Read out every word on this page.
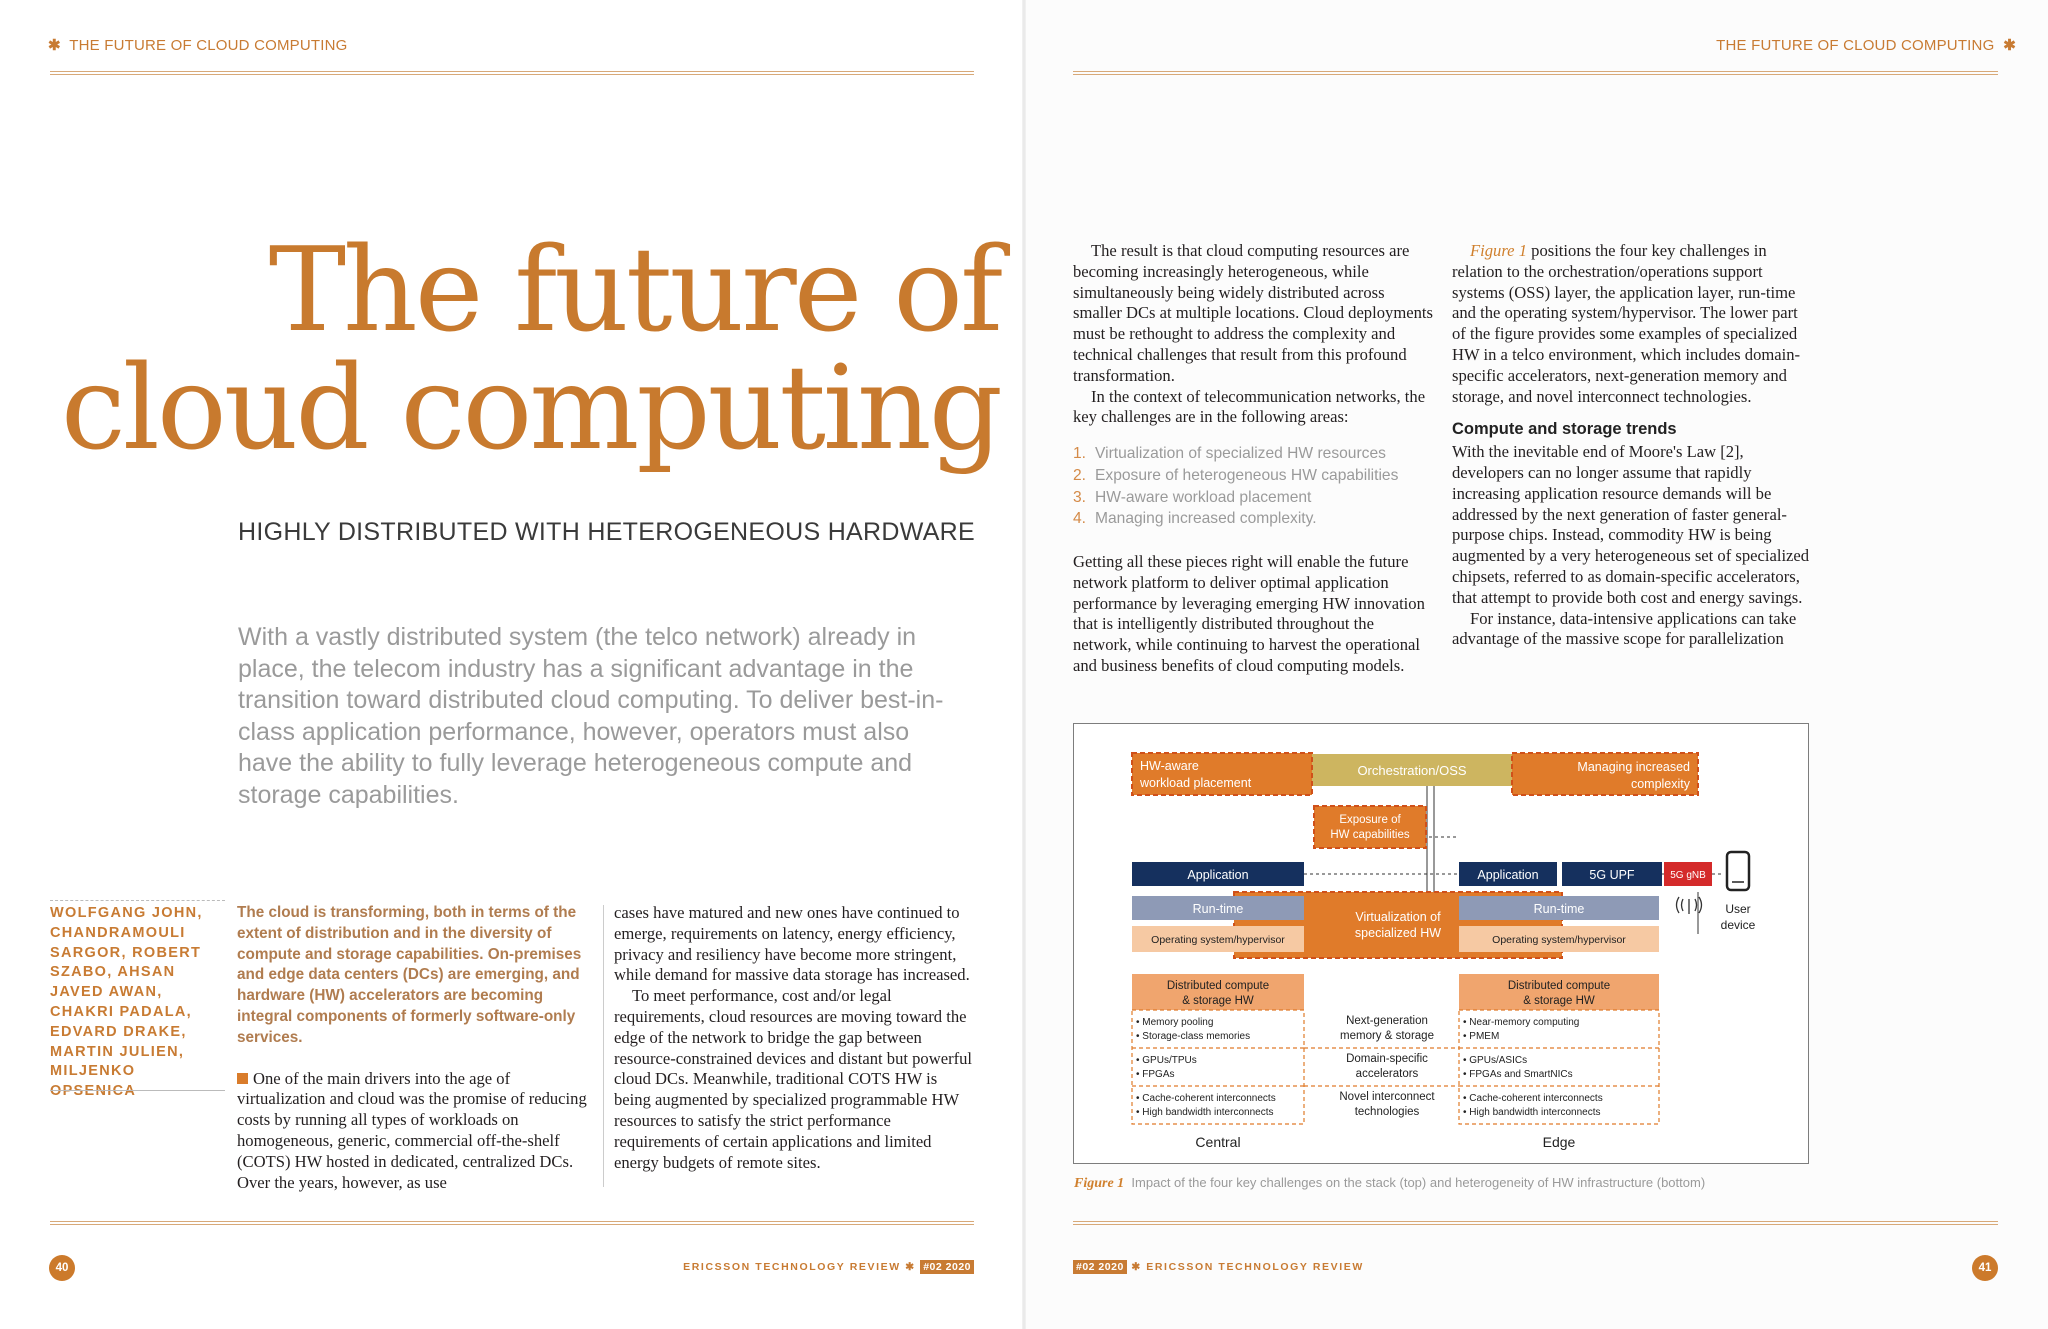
✱ THE FUTURE OF CLOUD COMPUTING	THE FUTURE OF CLOUD COMPUTING ✱
The future of
cloud computing
HIGHLY DISTRIBUTED WITH HETEROGENEOUS HARDWARE
With a vastly distributed system (the telco network) already in place, the telecom industry has a significant advantage in the transition toward distributed cloud computing. To deliver best-in-class application performance, however, operators must also have the ability to fully leverage heterogeneous compute and storage capabilities.
WOLFGANG JOHN, CHANDRAMOULI SARGOR, ROBERT SZABO, AHSAN JAVED AWAN, CHAKRI PADALA, EDVARD DRAKE, MARTIN JULIEN, MILJENKO OPSENICA

The cloud is transforming, both in terms of the extent of distribution and in the diversity of compute and storage capabilities. On-premises and edge data centers (DCs) are emerging, and hardware (HW) accelerators are becoming integral components of formerly software-only services.

One of the main drivers into the age of virtualization and cloud was the promise of reducing costs by running all types of workloads on homogeneous, generic, commercial off-the-shelf (COTS) HW hosted in dedicated, centralized DCs. Over the years, however, as use

cases have matured and new ones have continued to emerge, requirements on latency, energy efficiency, privacy and resiliency have become more stringent, while demand for massive data storage has increased.

To meet performance, cost and/or legal requirements, cloud resources are moving toward the edge of the network to bridge the gap between resource-constrained devices and distant but powerful cloud DCs. Meanwhile, traditional COTS HW is being augmented by specialized programmable HW resources to satisfy the strict performance requirements of certain applications and limited energy budgets of remote sites.

The result is that cloud computing resources are becoming increasingly heterogeneous, while simultaneously being widely distributed across smaller DCs at multiple locations. Cloud deployments must be rethought to address the complexity and technical challenges that result from this profound transformation.

In the context of telecommunication networks, the key challenges are in the following areas:

1. Virtualization of specialized HW resources
2. Exposure of heterogeneous HW capabilities
3. HW-aware workload placement
4. Managing increased complexity.

Getting all these pieces right will enable the future network platform to deliver optimal application performance by leveraging emerging HW innovation that is intelligently distributed throughout the network, while continuing to harvest the operational and business benefits of cloud computing models.

Figure 1 positions the four key challenges in relation to the orchestration/operations support systems (OSS) layer, the application layer, run-time and the operating system/hypervisor. The lower part of the figure provides some examples of specialized HW in a telco environment, which includes domain-specific accelerators, next-generation memory and storage, and novel interconnect technologies.

Compute and storage trends

With the inevitable end of Moore's Law [2], developers can no longer assume that rapidly increasing application resource demands will be addressed by the next generation of faster general-purpose chips. Instead, commodity HW is being augmented by a very heterogeneous set of specialized chipsets, referred to as domain-specific accelerators, that attempt to provide both cost and energy savings.

For instance, data-intensive applications can take advantage of the massive scope for parallelization

Orchestration/OSS
HW-aware
workload placement
Managing increased
complexity
Exposure of
HW capabilities
Application	Application	5G UPF	5G gNB
User
device
Virtualization of
specialized HW
Run-time
Operating system/hypervisor
Run-time
Operating system/hypervisor
Distributed compute
& storage HW
• Memory pooling
• Storage-class memories
• GPUs/TPUs
• FPGAs
• Cache-coherent interconnects
• High bandwidth interconnects
Next-generation
memory & storage
Domain-specific
accelerators
Novel interconnect
technologies
Distributed compute
& storage HW
• Near-memory computing
• PMEM
• GPUs/ASICs
• FPGAs and SmartNICs
• Cache-coherent interconnects
• High bandwidth interconnects
Central	Edge
Figure 1 Impact of the four key challenges on the stack (top) and heterogeneity of HW infrastructure (bottom)
40	ERICSSON TECHNOLOGY REVIEW ✱ #02 2020	#02 2020 ✱ ERICSSON TECHNOLOGY REVIEW	41
